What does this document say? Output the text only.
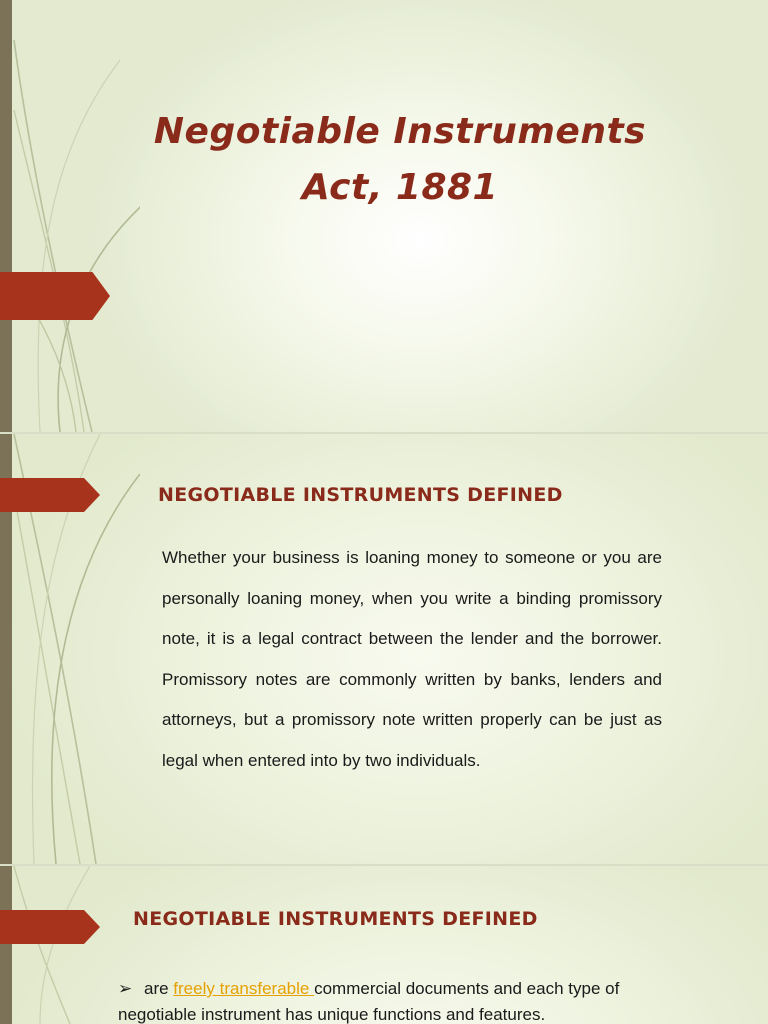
Negotiable Instruments
Act, 1881
NEGOTIABLE INSTRUMENTS DEFINED

Whether your business is loaning money to someone or you are personally loaning money, when you write a binding promissory note, it is a legal contract between the lender and the borrower. Promissory notes are commonly written by banks, lenders and attorneys, but a promissory note written properly can be just as legal when entered into by two individuals.

NEGOTIABLE INSTRUMENTS DEFINED

➢ are freely transferable commercial documents and each type of negotiable instrument has unique functions and features.
